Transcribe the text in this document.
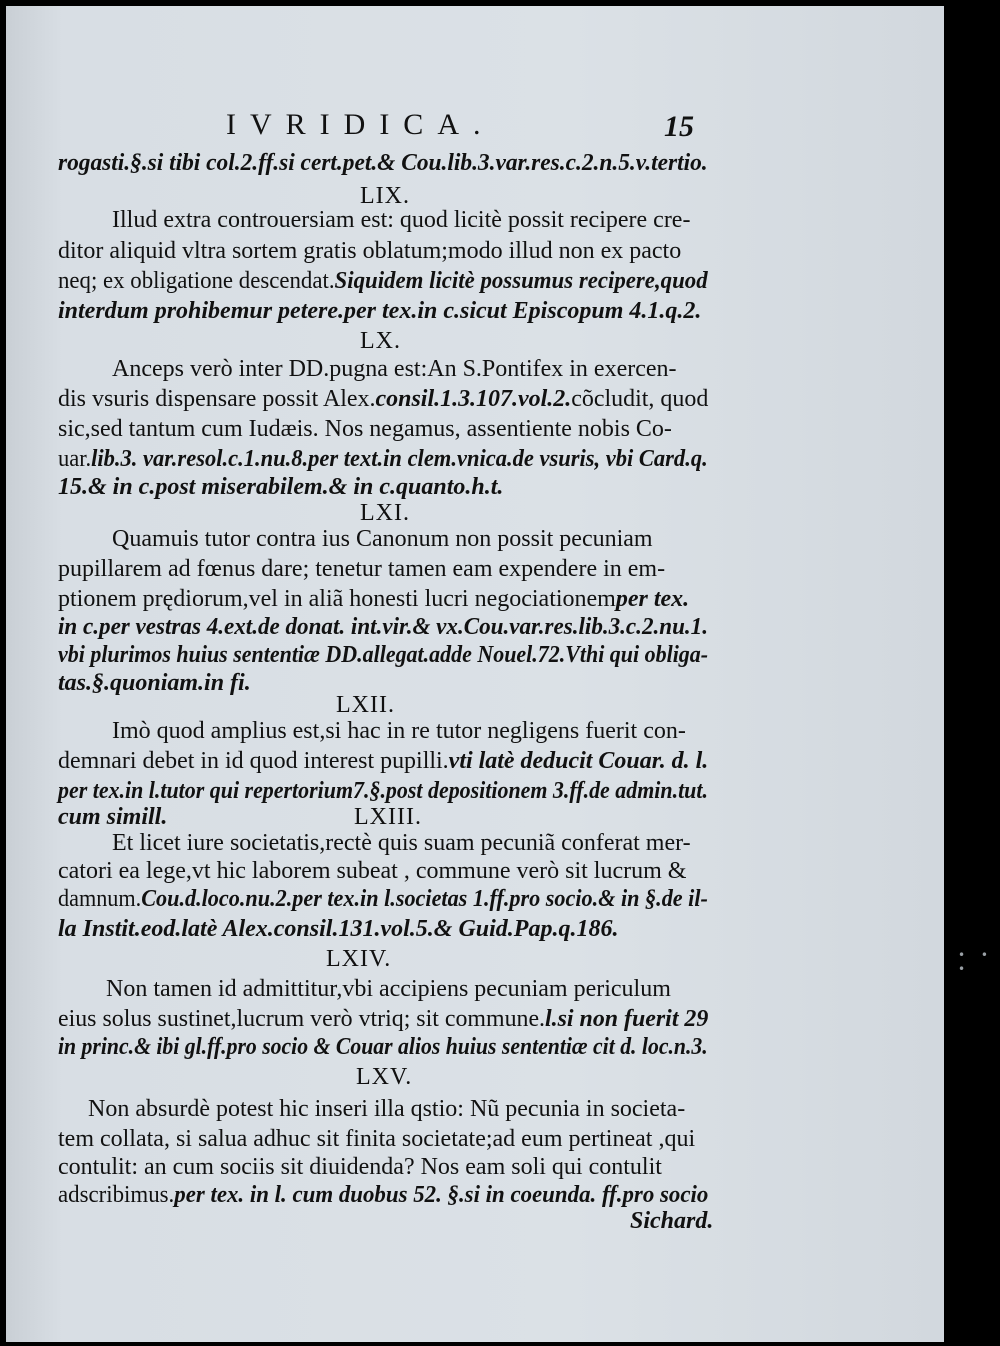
• • •
IVRIDICA.	15
rogasti.§.si tibi col.2.ff.si cert.pet.& Cou.lib.3.var.res.c.2.n.5.v.tertio.
LIX.
Illud extra controuersiam est: quod licitè possit recipere cre-
ditor aliquid vltra sortem gratis oblatum;modo illud non ex pacto
neq; ex obligatione descendat.Siquidem licitè possumus recipere,quod
interdum prohibemur petere.per tex.in c.sicut Episcopum 4.1.q.2.
LX.
Anceps verò inter DD.pugna est:An S.Pontifex in exercen-
dis vsuris dispensare possit Alex.consil.1.3.107.vol.2.cõcludit, quod
sic,sed tantum cum Iudæis. Nos negamus, assentiente nobis Co-
uar.lib.3. var.resol.c.1.nu.8.per text.in clem.vnica.de vsuris, vbi Card.q.
15.& in c.post miserabilem.& in c.quanto.h.t.
LXI.
Quamuis tutor contra ius Canonum non possit pecuniam
pupillarem ad fœnus dare; tenetur tamen eam expendere in em-
ptionem prędiorum,vel in aliã honesti lucri negociationemper tex.
in c.per vestras 4.ext.de donat. int.vir.& vx.Cou.var.res.lib.3.c.2.nu.1.
vbi plurimos huius sententiæ DD.allegat.adde Nouel.72.Vthi qui obliga-
tas.§.quoniam.in fi.
LXII.
Imò quod amplius est,si hac in re tutor negligens fuerit con-
demnari debet in id quod interest pupilli.vti latè deducit Couar. d. l.
per tex.in l.tutor qui repertorium7.§.post depositionem 3.ff.de admin.tut.
cum simill.	LXIII.
Et licet iure societatis,rectè quis suam pecuniã conferat mer-
catori ea lege,vt hic laborem subeat , commune verò sit lucrum &
damnum.Cou.d.loco.nu.2.per tex.in l.societas 1.ff.pro socio.& in §.de il-
la Instit.eod.latè Alex.consil.131.vol.5.& Guid.Pap.q.186.
LXIV.
Non tamen id admittitur,vbi accipiens pecuniam periculum
eius solus sustinet,lucrum verò vtriq; sit commune.l.si non fuerit 29
in princ.& ibi gl.ff.pro socio & Couar alios huius sententiæ cit d. loc.n.3.
LXV.
Non absurdè potest hic inseri illa qstio: Nũ pecunia in societa-
tem collata, si salua adhuc sit finita societate;ad eum pertineat ,qui
contulit: an cum sociis sit diuidenda? Nos eam soli qui contulit
adscribimus.per tex. in l. cum duobus 52. §.si in coeunda. ff.pro socio
Sichard.
